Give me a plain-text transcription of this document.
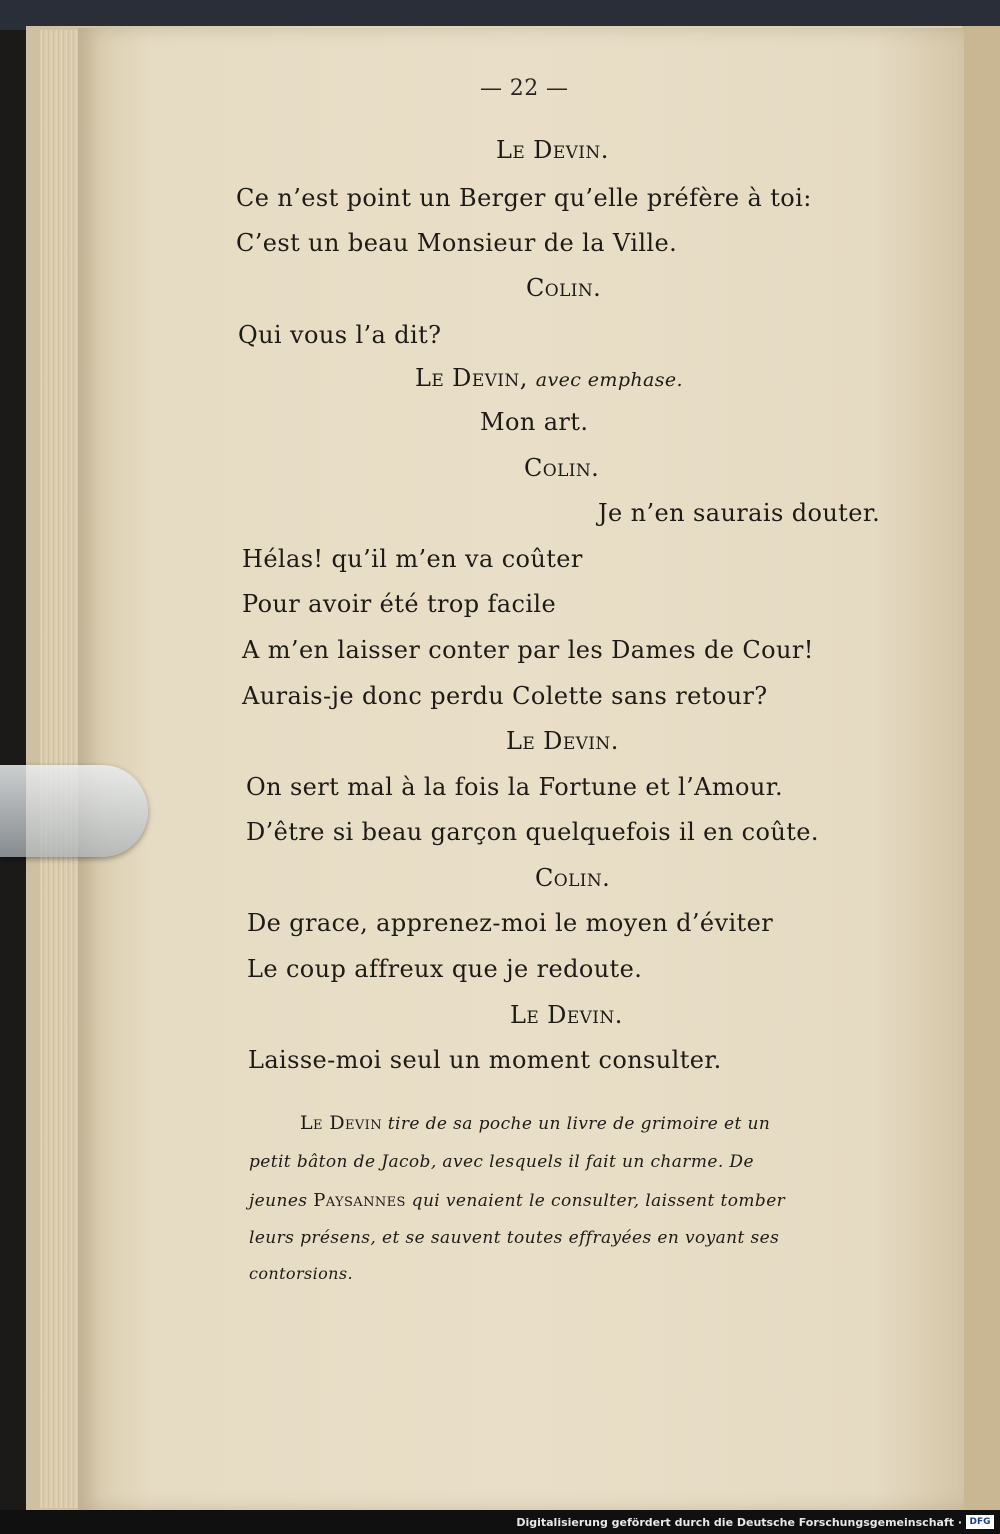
— 22 —
Le Devin.
Ce n’est point un Berger qu’elle préfère à toi:
C’est un beau Monsieur de la Ville.
Colin.
Qui vous l’a dit?
Le Devin, avec emphase.
Mon art.
Colin.
Je n’en saurais douter.
Hélas! qu’il m’en va coûter
Pour avoir été trop facile
A m’en laisser conter par les Dames de Cour!
Aurais-je donc perdu Colette sans retour?
Le Devin.
On sert mal à la fois la Fortune et l’Amour.
D’être si beau garçon quelquefois il en coûte.
Colin.
De grace, apprenez-moi le moyen d’éviter
Le coup affreux que je redoute.
Le Devin.
Laisse-moi seul un moment consulter.
Le Devin tire de sa poche un livre de grimoire et un
petit bâton de Jacob, avec lesquels il fait un charme. De
jeunes Paysannes qui venaient le consulter, laissent tomber
leurs présens, et se sauvent toutes effrayées en voyant ses
contorsions.
Digitalisierung gefördert durch die Deutsche Forschungsgemeinschaft · DFG
